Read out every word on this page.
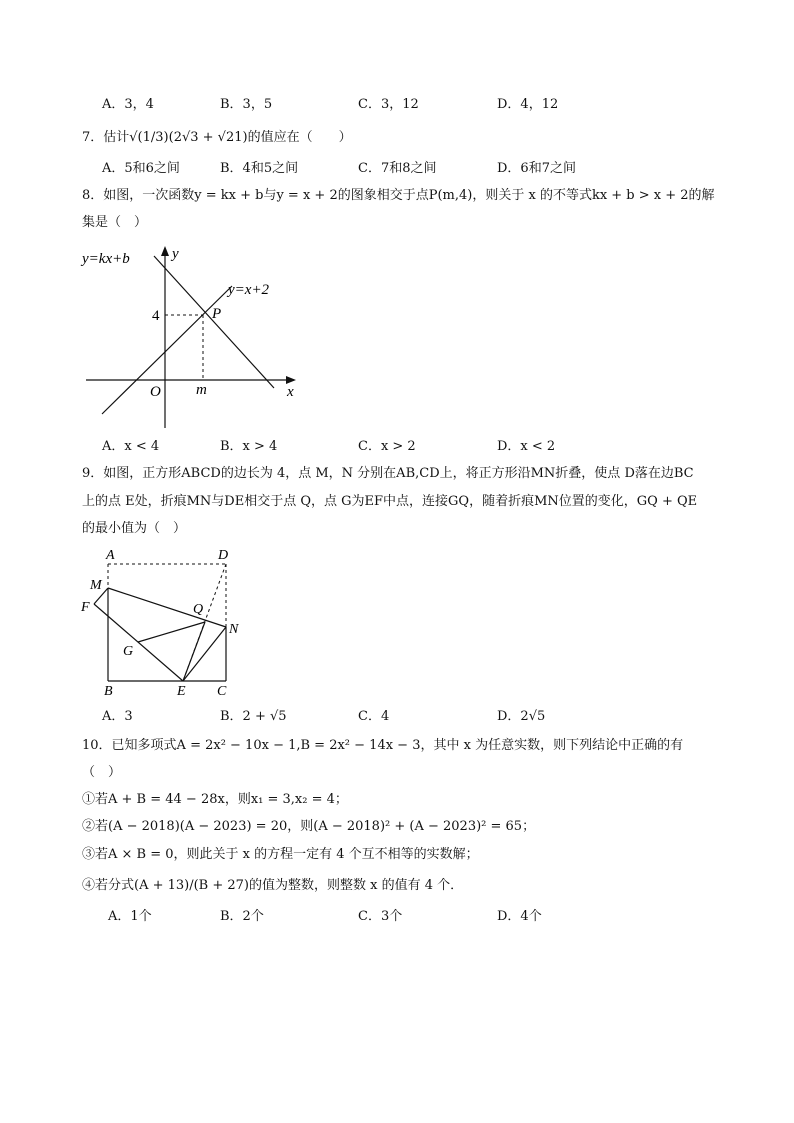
A．3，4	B．3，5	C．3，12	D．4，12
7．估计√(1/3)(2√3 + √21)的值应在（　　）
A．5和6之间	B．4和5之间	C．7和8之间	D．6和7之间
8．如图，一次函数y = kx + b与y = x + 2的图象相交于点P(m,4)，则关于 x 的不等式kx + b > x + 2的解
集是（　）
y=kx+b	y
y=x+2
4	P
m
O	x
A．x < 4	B．x > 4	C．x > 2	D．x < 2
9．如图，正方形ABCD的边长为 4，点 M，N 分别在AB,CD上，将正方形沿MN折叠，使点 D落在边BC
上的点 E处，折痕MN与DE相交于点 Q，点 G为EF中点，连接GQ，随着折痕MN位置的变化，GQ + QE
的最小值为（　）
A	D
M
F	Q
N
G
B	E C
A．3	B．2 + √5	C．4	D．2√5
10．已知多项式A = 2x² − 10x − 1,B = 2x² − 14x − 3，其中 x 为任意实数，则下列结论中正确的有
（　）
①若A + B = 44 − 28x，则x₁ = 3,x₂ = 4；
②若(A − 2018)(A − 2023) = 20，则(A − 2018)² + (A − 2023)² = 65；
③若A × B = 0，则此关于 x 的方程一定有 4 个互不相等的实数解；
④若分式(A + 13)/(B + 27)的值为整数，则整数 x 的值有 4 个．
A．1个	B．2个	C．3个	D．4个
